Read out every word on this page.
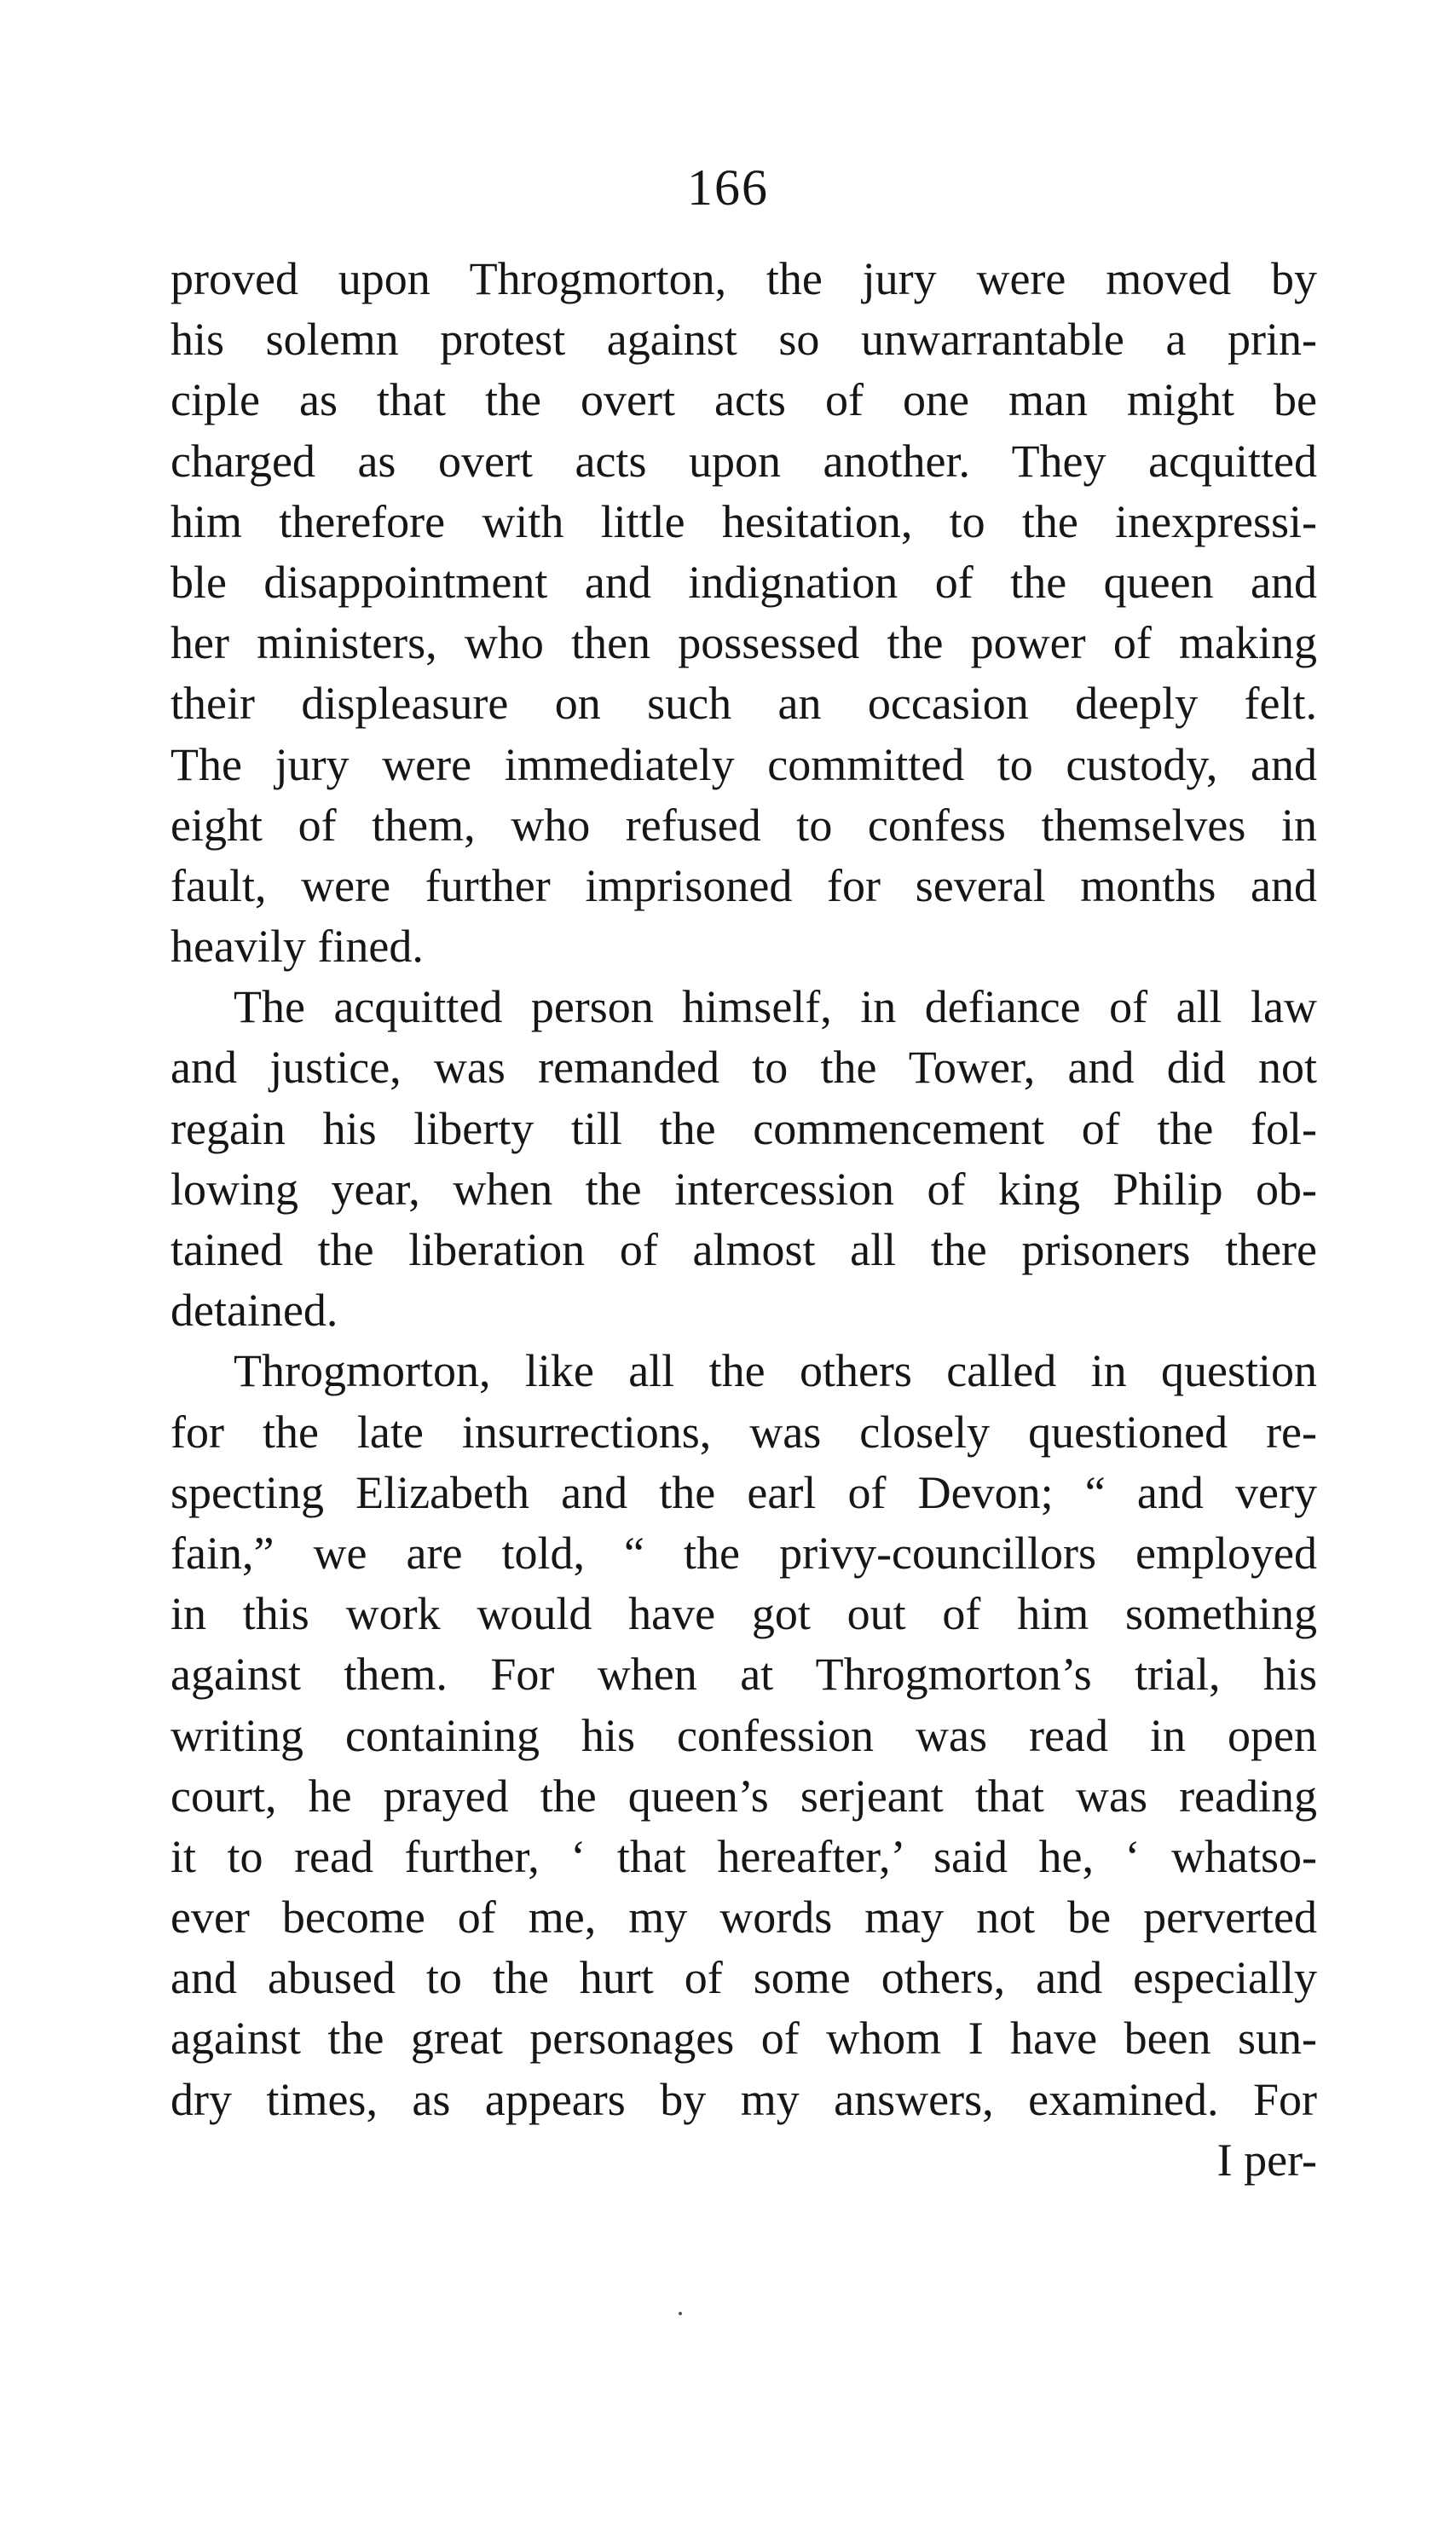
166
proved upon Throgmorton, the jury were moved by
his solemn protest against so unwarrantable a prin-
ciple as that the overt acts of one man might be
charged as overt acts upon another. They acquitted
him therefore with little hesitation, to the inexpressi-
ble disappointment and indignation of the queen and
her ministers, who then possessed the power of making
their displeasure on such an occasion deeply felt.
The jury were immediately committed to custody, and
eight of them, who refused to confess themselves in
fault, were further imprisoned for several months and
heavily fined.
The acquitted person himself, in defiance of all law
and justice, was remanded to the Tower, and did not
regain his liberty till the commencement of the fol-
lowing year, when the intercession of king Philip ob-
tained the liberation of almost all the prisoners there
detained.
Throgmorton, like all the others called in question
for the late insurrections, was closely questioned re-
specting Elizabeth and the earl of Devon; “ and very
fain,” we are told, “ the privy-councillors employed
in this work would have got out of him something
against them. For when at Throgmorton’s trial, his
writing containing his confession was read in open
court, he prayed the queen’s serjeant that was reading
it to read further, ‘ that hereafter,’ said he, ‘ whatso-
ever become of me, my words may not be perverted
and abused to the hurt of some others, and especially
against the great personages of whom I have been sun-
dry times, as appears by my answers, examined. For
I per-
